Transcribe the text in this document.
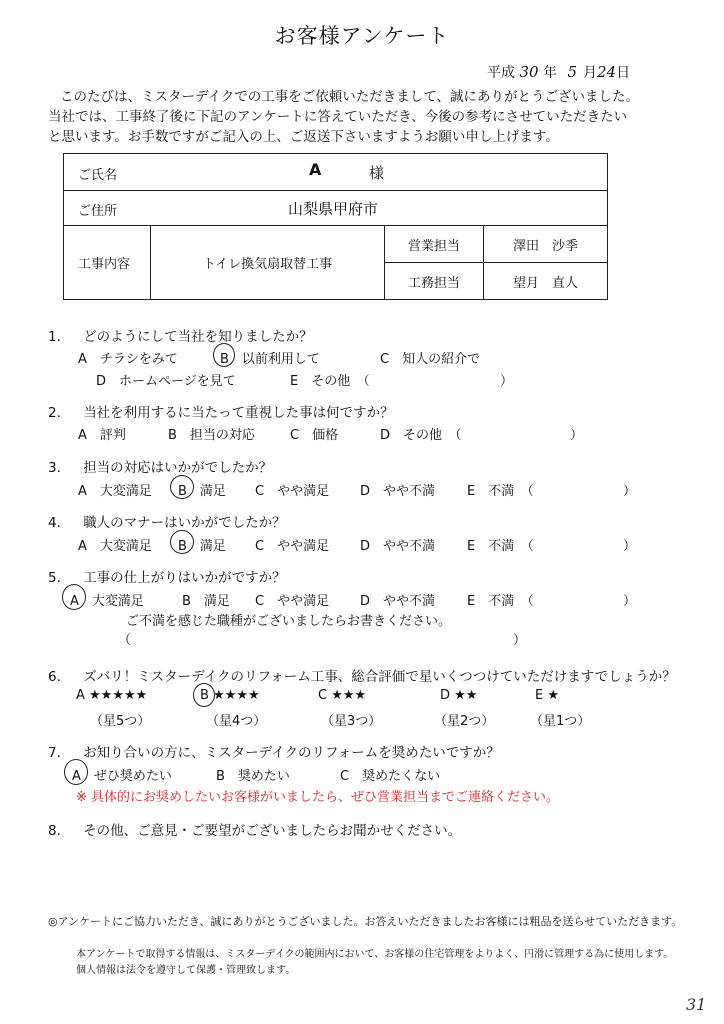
お客様アンケート
平成 30 年 5 月24日
このたびは、ミスターデイクでの工事をご依頼いただきまして、誠にありがとうございました。
当社では、工事終了後に下記のアンケートに答えていただき、今後の参考にさせていただきたい
と思います。お手数ですがご記入の上、ご返送下さいますようお願い申し上げます。
ご氏名 A 様			

ご住所 山梨県甲府市			

工事内容	トイレ換気扇取替工事	営業担当	澤田　沙季
		工務担当	望月　直人
1. どのようにして当社を知りましたか？
A　チラシをみて	B　以前利用して	C　知人の紹介で
D　ホームページを見て	E　その他　（	）
2. 当社を利用するに当たって重視した事は何ですか？
A　評判	B　担当の対応	C　価格	D　その他　（	）
3. 担当の対応はいかがでしたか？
A　大変満足 B　満足 C　やや満足 D　やや不満 E　不満　（	）
4. 職人のマナーはいかがでしたか？
A　大変満足 B　満足 C　やや満足 D　やや不満 E　不満　（	）
5. 工事の仕上がりはいかがですか？
A　大変満足	B　満足 C　やや満足 D　やや不満 E　不満　（	）
ご不満を感じた職種がございましたらお書きください。
（	）
6. ズバリ！ミスターデイクのリフォーム工事、総合評価で星いくつつけていただけますでしょうか？
A ★★★★★	B ★★★★	C ★★★	D ★★	E ★
（星5つ）	（星4つ）	（星3つ）	（星2つ）	（星1つ）
7. お知り合いの方に、ミスターデイクのリフォームを奨めたいですか？
A　ぜひ奨めたい	B　奨めたい	C　奨めたくない
※ 具体的にお奨めしたいお客様がいましたら、ぜひ営業担当までご連絡ください。
8. その他、ご意見・ご要望がございましたらお聞かせください。
◎アンケートにご協力いただき、誠にありがとうございました。お答えいただきましたお客様には粗品を送らせていただきます。
本アンケートで取得する情報は、ミスターデイクの範囲内において、お客様の住宅管理をよりよく、円滑に管理する為に使用します。
個人情報は法令を遵守して保護・管理致します。
31
